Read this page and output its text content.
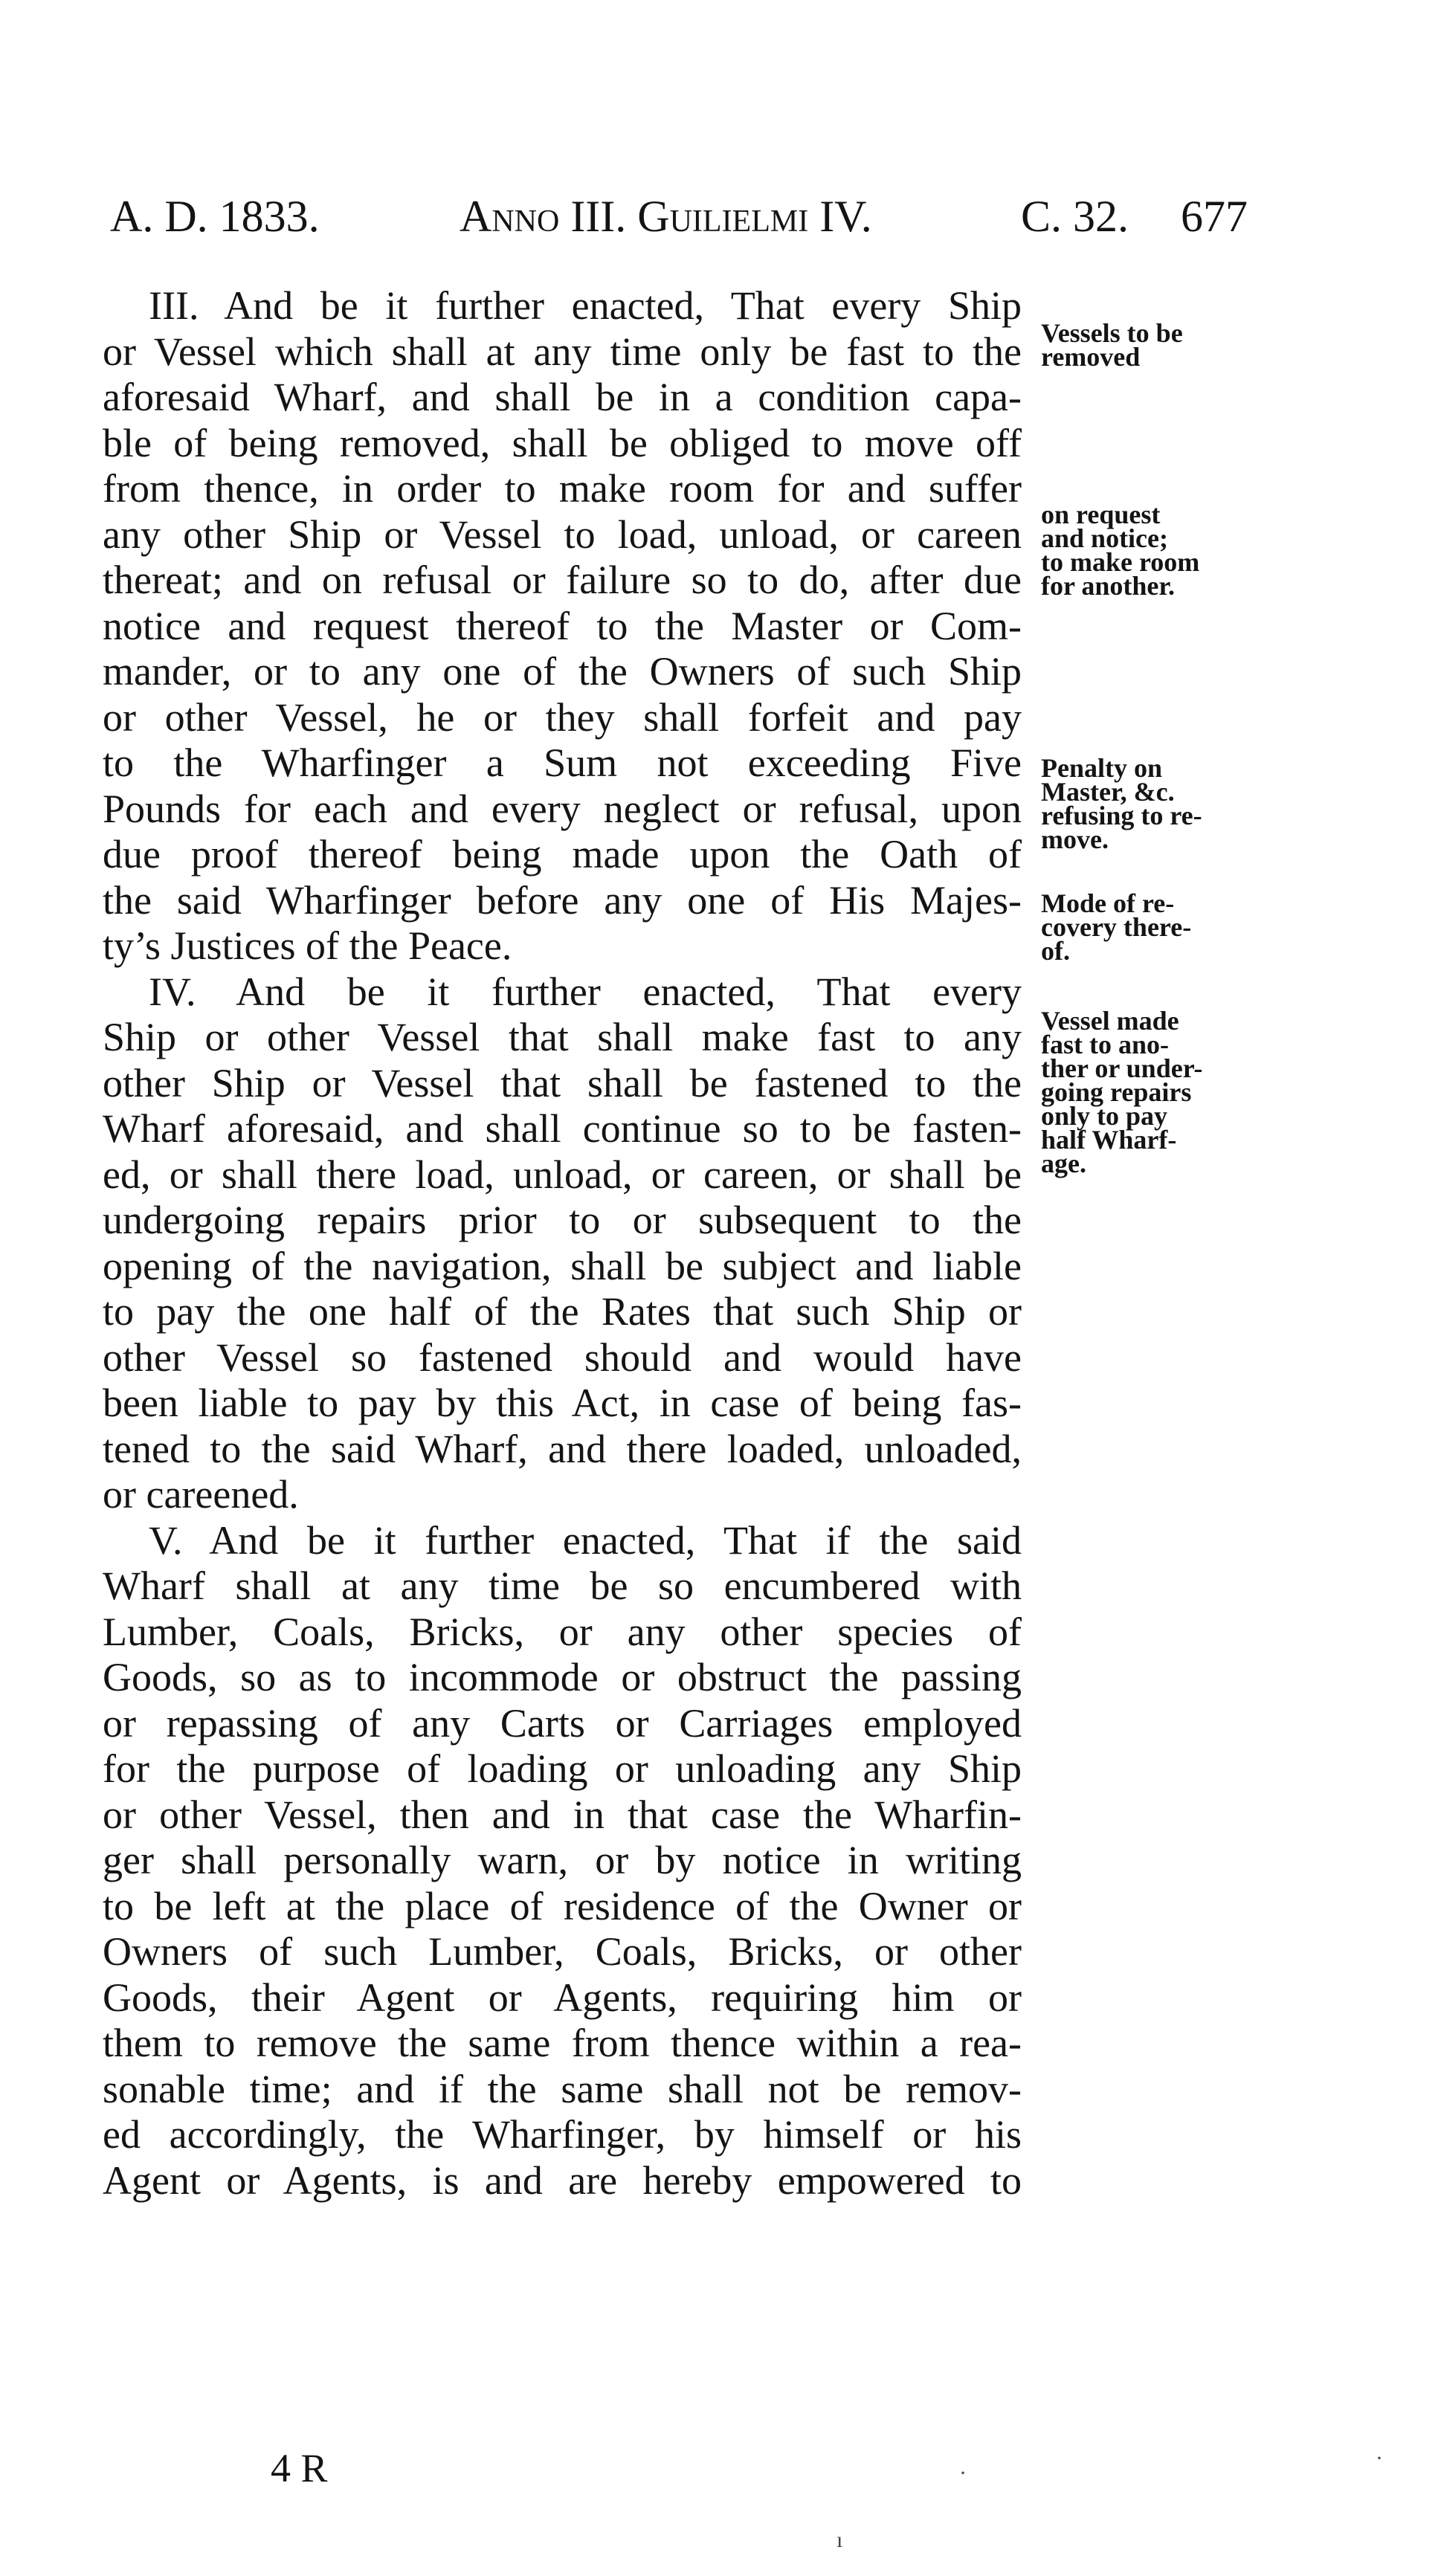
A. D. 1833.	Anno III. Guilielmi IV.	C. 32. 677
III. And be it further enacted, That every Ship
or Vessel which shall at any time only be fast to the
aforesaid Wharf, and shall be in a condition capa-
ble of being removed, shall be obliged to move off
from thence, in order to make room for and suffer
any other Ship or Vessel to load, unload, or careen
thereat; and on refusal or failure so to do, after due
notice and request thereof to the Master or Com-
mander, or to any one of the Owners of such Ship
or other Vessel, he or they shall forfeit and pay
to the Wharfinger a Sum not exceeding Five
Pounds for each and every neglect or refusal, upon
due proof thereof being made upon the Oath of
the said Wharfinger before any one of His Majes-
ty’s Justices of the Peace.
IV. And be it further enacted, That every
Ship or other Vessel that shall make fast to any
other Ship or Vessel that shall be fastened to the
Wharf aforesaid, and shall continue so to be fasten-
ed, or shall there load, unload, or careen, or shall be
undergoing repairs prior to or subsequent to the
opening of the navigation, shall be subject and liable
to pay the one half of the Rates that such Ship or
other Vessel so fastened should and would have
been liable to pay by this Act, in case of being fas-
tened to the said Wharf, and there loaded, unloaded,
or careened.
V. And be it further enacted, That if the said
Wharf shall at any time be so encumbered with
Lumber, Coals, Bricks, or any other species of
Goods, so as to incommode or obstruct the passing
or repassing of any Carts or Carriages employed
for the purpose of loading or unloading any Ship
or other Vessel, then and in that case the Wharfin-
ger shall personally warn, or by notice in writing
to be left at the place of residence of the Owner or
Owners of such Lumber, Coals, Bricks, or other
Goods, their Agent or Agents, requiring him or
them to remove the same from thence within a rea-
sonable time; and if the same shall not be remov-
ed accordingly, the Wharfinger, by himself or his
Agent or Agents, is and are hereby empowered to
Vessels to be
removed
on request
and notice;
to make room
for another.
Penalty on
Master, &c.
refusing to re-
move.
Mode of re-
covery there-
of.
Vessel made
fast to ano-
ther or under-
going repairs
only to pay
half Wharf-
age.
4 R	·
·
ı
